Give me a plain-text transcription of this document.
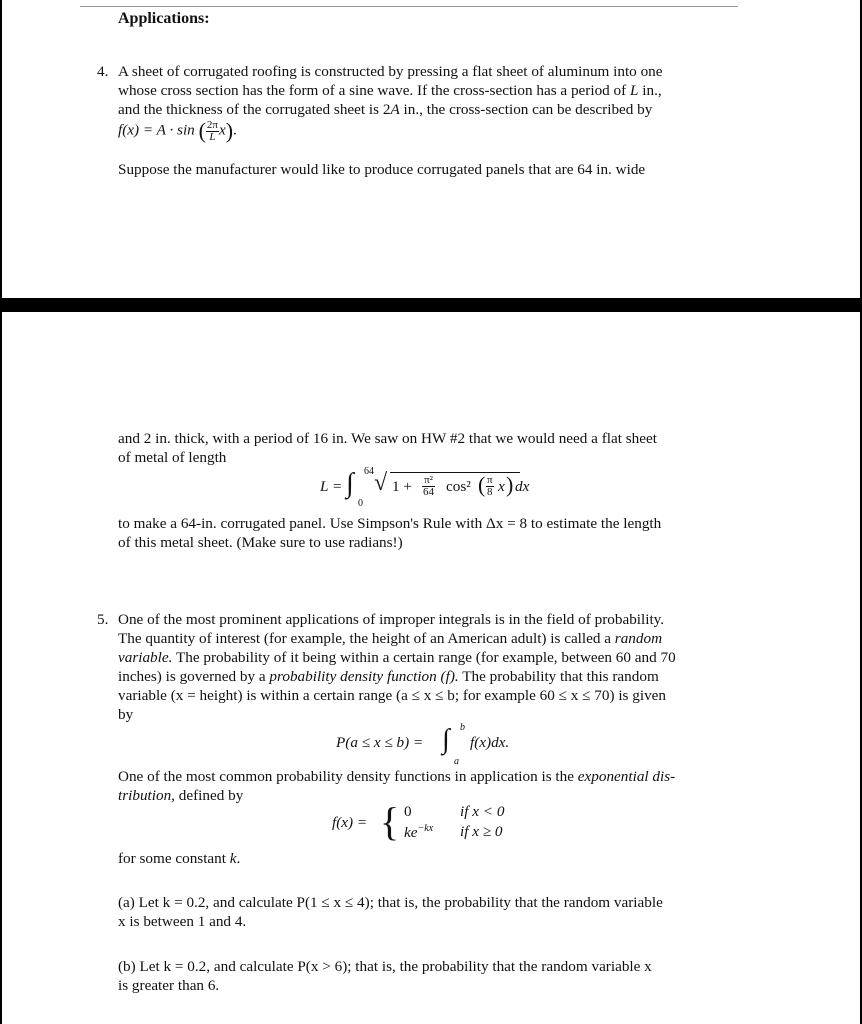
Applications:
4. A sheet of corrugated roofing is constructed by pressing a flat sheet of aluminum into one
whose cross section has the form of a sine wave. If the cross-section has a period of L in.,
and the thickness of the corrugated sheet is 2A in., the cross-section can be described by
f(x) = A · sin ( $\frac{2\pi}{L} x$).
Suppose the manufacturer would like to produce corrugated panels that are 64 in. wide
and 2 in. thick, with a period of 16 in. We saw on HW #2 that we would need a flat sheet
of metal of length
L = ∫ 64
0
√ $1 + \frac{\text{π²}}{64} \cos^2$ ( $\frac{\pi}{8}$ x ) dx
to make a 64-in. corrugated panel. Use Simpson's Rule with Δx = 8 to estimate the length
of this metal sheet. (Make sure to use radians!)
5. One of the most prominent applications of improper integrals is in the field of probability.
The quantity of interest (for example, the height of an American adult) is called a random
variable. The probability of it being within a certain range (for example, between 60 and 70
inches) is governed by a probability density function (f). The probability that this random
variable (x = height) is within a certain range (a ≤ x ≤ b; for example 60 ≤ x ≤ 70) is given
by
P(a ≤ x ≤ b) = ∫ b
a
f(x)dx.
One of the most common probability density functions in application is the exponential dis-
tribution, defined by
f(x) = { 0	if x < 0
$ke^{-kx}$ if x ≥ 0
for some constant k.
(a) Let k = 0.2, and calculate P(1 ≤ x ≤ 4); that is, the probability that the random variable
x is between 1 and 4.
(b) Let k = 0.2, and calculate P(x > 6); that is, the probability that the random variable x
is greater than 6.
